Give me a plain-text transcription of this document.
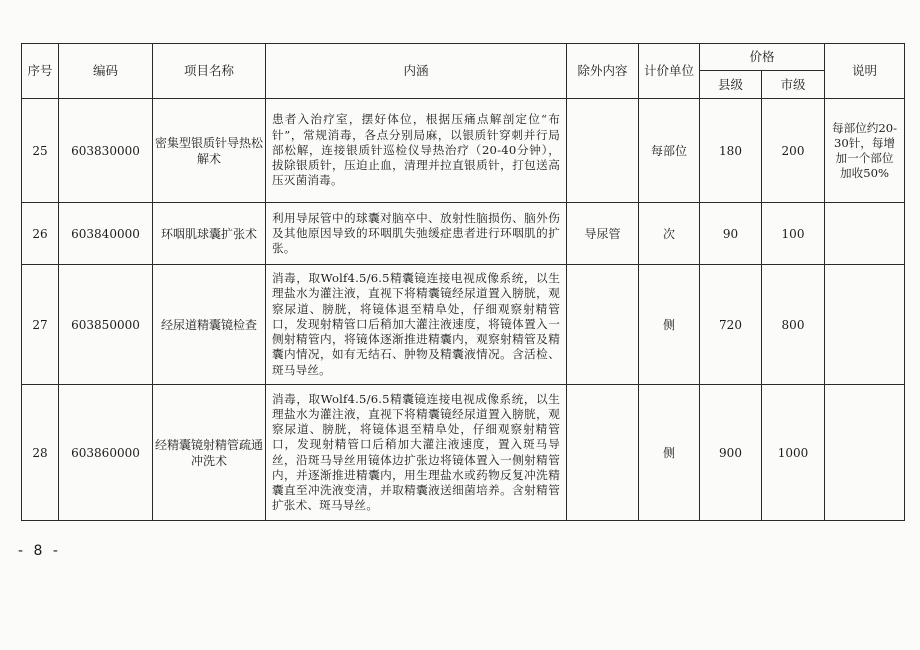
序号	编码	项目名称	内涵	除外内容	计价单位	价格		说明
						县级	市级	
25	603830000	密集型银质针导热松解术	患者入治疗室，摆好体位，根据压痛点解剖定位“布针”，常规消毒，各点分别局麻，以银质针穿刺并行局部松解，连接银质针巡检仪导热治疗（20-40分钟），拔除银质针，压迫止血，清理并拉直银质针，打包送高压灭菌消毒。		每部位	180	200	每部位约20-30针，每增加一个部位加收50%
26	603840000	环咽肌球囊扩张术	利用导尿管中的球囊对脑卒中、放射性脑损伤、脑外伤及其他原因导致的环咽肌失弛缓症患者进行环咽肌的扩张。	导尿管	次	90	100	
27	603850000	经尿道精囊镜检查	消毒，取Wolf4.5/6.5精囊镜连接电视成像系统，以生理盐水为灌注液，直视下将精囊镜经尿道置入膀胱，观察尿道、膀胱，将镜体退至精阜处，仔细观察射精管口，发现射精管口后稍加大灌注液速度，将镜体置入一侧射精管内，将镜体逐渐推进精囊内，观察射精管及精囊内情况，如有无结石、肿物及精囊液情况。含活检、斑马导丝。		侧	720	800	
28	603860000	经精囊镜射精管疏通冲洗术	消毒，取Wolf4.5/6.5精囊镜连接电视成像系统，以生理盐水为灌注液，直视下将精囊镜经尿道置入膀胱，观察尿道、膀胱，将镜体退至精阜处，仔细观察射精管口，发现射精管口后稍加大灌注液速度，置入斑马导丝，沿斑马导丝用镜体边扩张边将镜体置入一侧射精管内，并逐渐推进精囊内，用生理盐水或药物反复冲洗精囊直至冲洗液变清，并取精囊液送细菌培养。含射精管扩张术、斑马导丝。		侧	900	1000	
- 8 -
